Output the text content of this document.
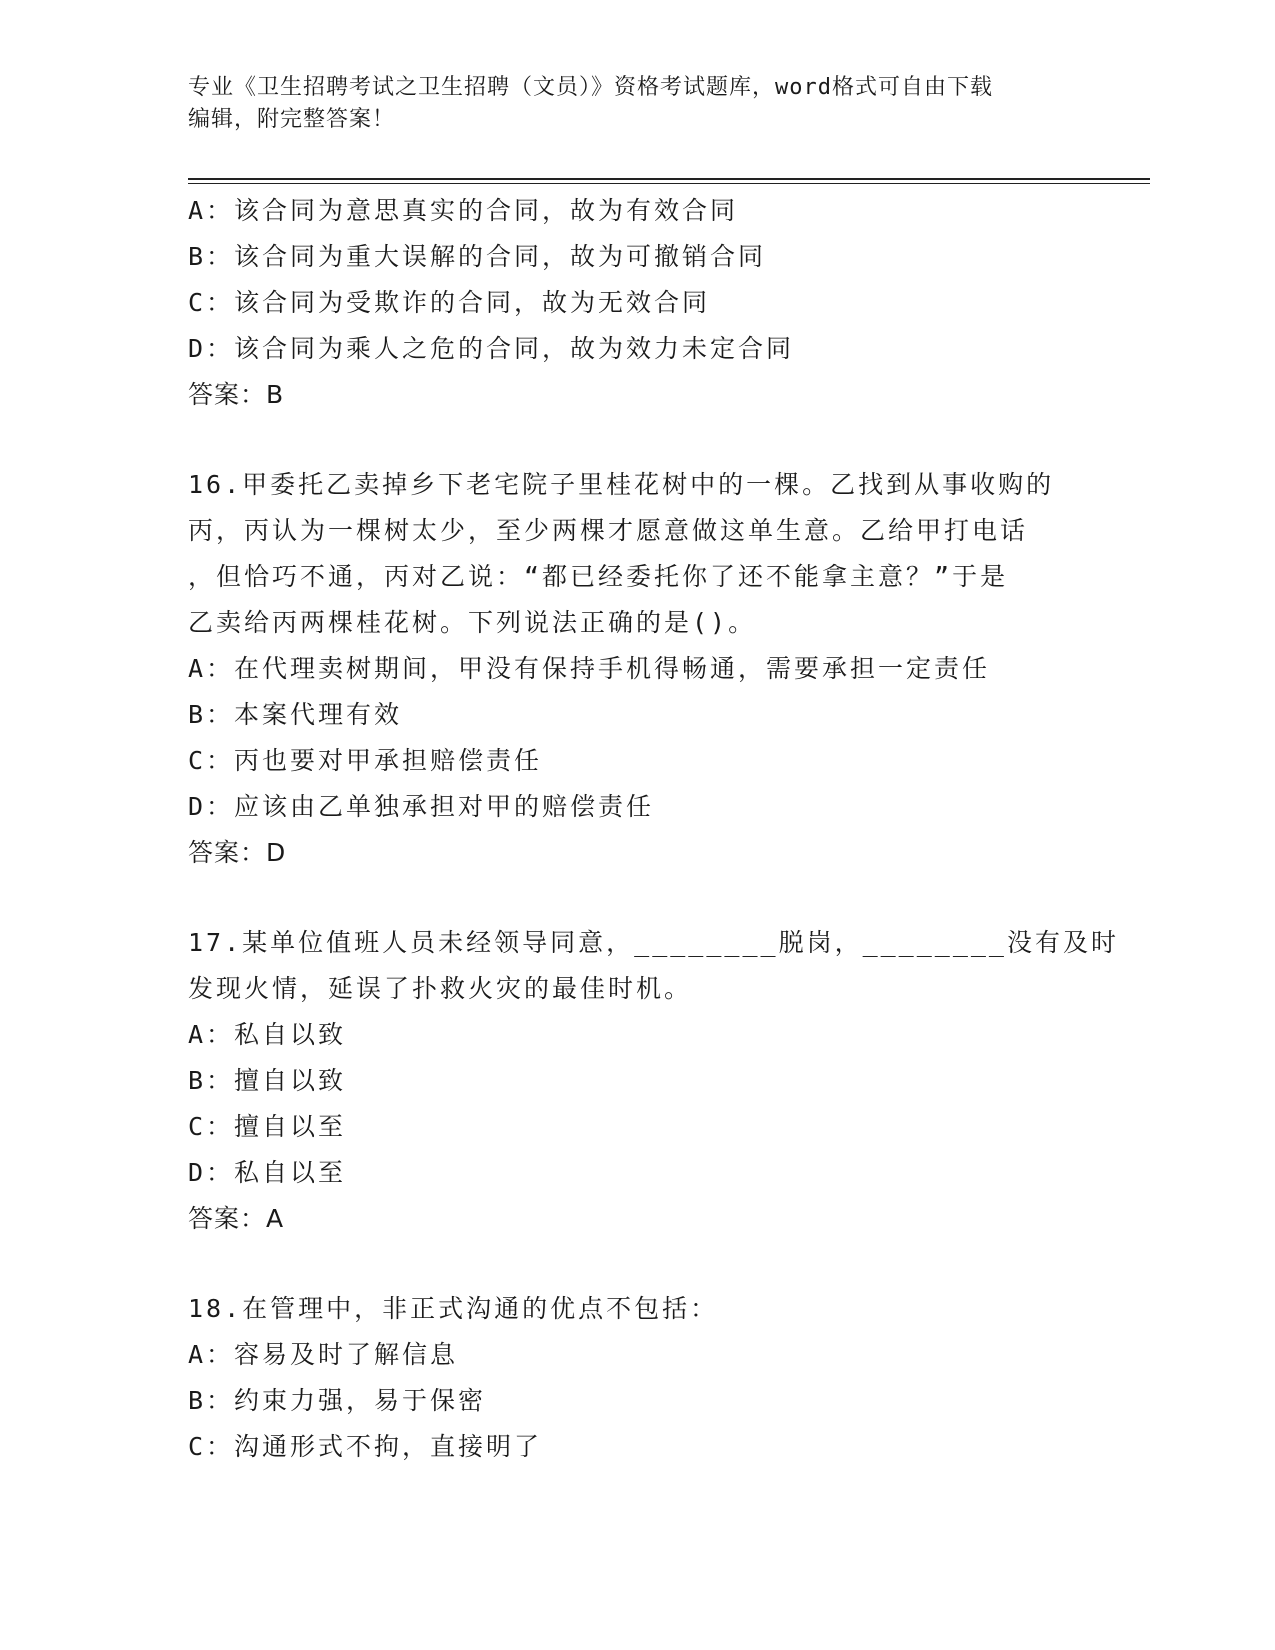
专业《卫生招聘考试之卫生招聘（文员）》资格考试题库，word格式可自由下载
编辑，附完整答案！
A：该合同为意思真实的合同，故为有效合同
B：该合同为重大误解的合同，故为可撤销合同
C：该合同为受欺诈的合同，故为无效合同
D：该合同为乘人之危的合同，故为效力未定合同
答案：B
16.甲委托乙卖掉乡下老宅院子里桂花树中的一棵。乙找到从事收购的
丙，丙认为一棵树太少，至少两棵才愿意做这单生意。乙给甲打电话
，但恰巧不通，丙对乙说：“都已经委托你了还不能拿主意？”于是
乙卖给丙两棵桂花树。下列说法正确的是()。
A：在代理卖树期间，甲没有保持手机得畅通，需要承担一定责任
B：本案代理有效
C：丙也要对甲承担赔偿责任
D：应该由乙单独承担对甲的赔偿责任
答案：D
17.某单位值班人员未经领导同意，________脱岗，________没有及时
发现火情，延误了扑救火灾的最佳时机。
A：私自以致
B：擅自以致
C：擅自以至
D：私自以至
答案：A
18.在管理中，非正式沟通的优点不包括：
A：容易及时了解信息
B：约束力强，易于保密
C：沟通形式不拘，直接明了
